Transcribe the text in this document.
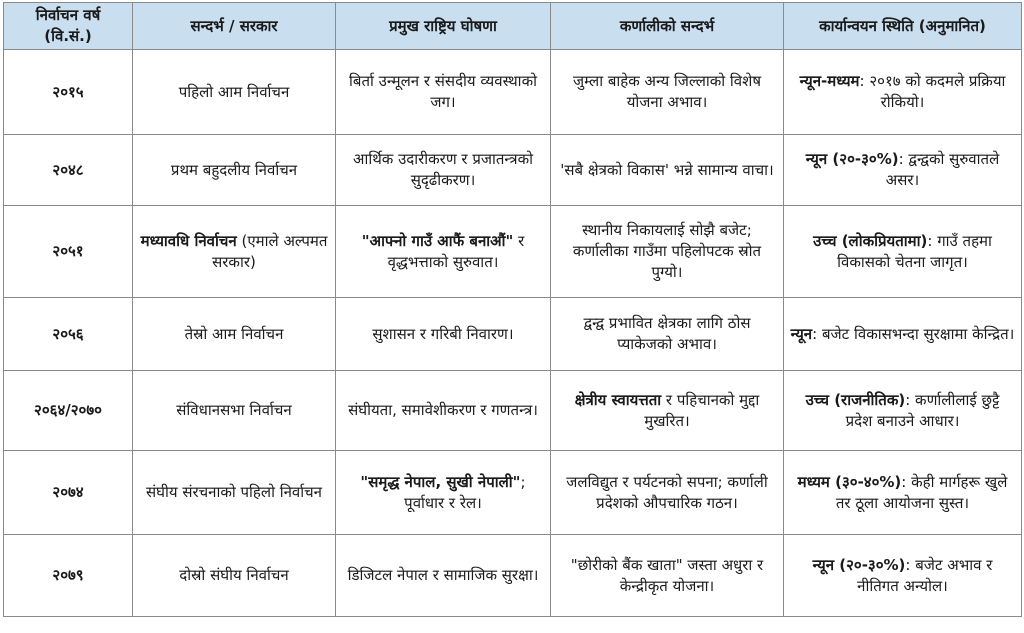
निर्वाचन वर्ष (वि.सं.)	सन्दर्भ / सरकार	प्रमुख राष्ट्रिय घोषणा	कर्णालीको सन्दर्भ	कार्यान्वयन स्थिति (अनुमानित)
२०१५	पहिलो आम निर्वाचन	बिर्ता उन्मूलन र संसदीय व्यवस्थाको जग।	जुम्ला बाहेक अन्य जिल्लाको विशेष योजना अभाव।	न्यून-मध्यम: २०१७ को कदमले प्रक्रिया रोकियो।
२०४८	प्रथम बहुदलीय निर्वाचन	आर्थिक उदारीकरण र प्रजातन्त्रको सुदृढीकरण।	'सबै क्षेत्रको विकास' भन्ने सामान्य वाचा।	न्यून (२०-३०%): द्वन्द्वको सुरुवातले असर।
२०५१	मध्यावधि निर्वाचन (एमाले अल्पमत सरकार)	"आफ्नो गाउँ आफैं बनाऔं" र वृद्धभत्ताको सुरुवात।	स्थानीय निकायलाई सोझै बजेट; कर्णालीका गाउँमा पहिलोपटक स्रोत पुग्यो।	उच्च (लोकप्रियतामा): गाउँ तहमा विकासको चेतना जागृत।
२०५६	तेस्रो आम निर्वाचन	सुशासन र गरिबी निवारण।	द्वन्द्व प्रभावित क्षेत्रका लागि ठोस प्याकेजको अभाव।	न्यून: बजेट विकासभन्दा सुरक्षामा केन्द्रित।
२०६४/२०७०	संविधानसभा निर्वाचन	संघीयता, समावेशीकरण र गणतन्त्र।	क्षेत्रीय स्वायत्तता र पहिचानको मुद्दा मुखरित।	उच्च (राजनीतिक): कर्णालीलाई छुट्टै प्रदेश बनाउने आधार।
२०७४	संघीय संरचनाको पहिलो निर्वाचन	"समृद्ध नेपाल, सुखी नेपाली"; पूर्वाधार र रेल।	जलविद्युत र पर्यटनको सपना; कर्णाली प्रदेशको औपचारिक गठन।	मध्यम (३०-४०%): केही मार्गहरू खुले तर ठूला आयोजना सुस्त।
२०७९	दोस्रो संघीय निर्वाचन	डिजिटल नेपाल र सामाजिक सुरक्षा।	"छोरीको बैंक खाता" जस्ता अधुरा र केन्द्रीकृत योजना।	न्यून (२०-३०%): बजेट अभाव र नीतिगत अन्योल।
